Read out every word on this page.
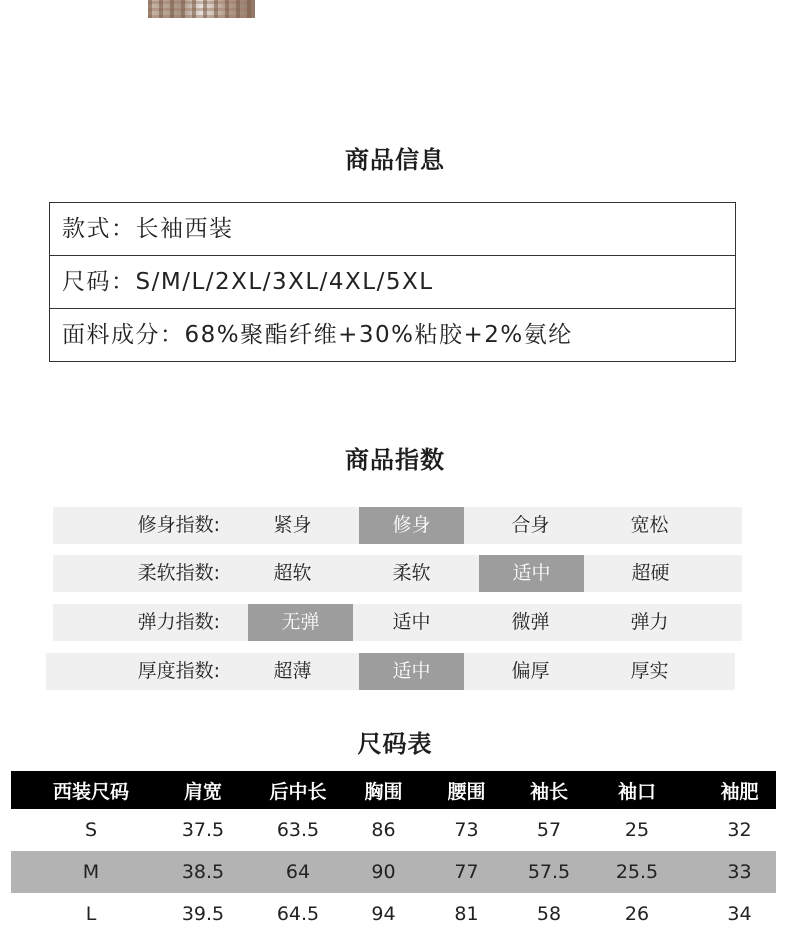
商品信息
款式：长袖西装
尺码：S/M/L/2XL/3XL/4XL/5XL
面料成分：68%聚酯纤维+30%粘胶+2%氨纶
商品指数
修身指数:	紧身	修身	合身	宽松
柔软指数:	超软	柔软	适中	超硬
弹力指数:	无弹	适中	微弹	弹力
厚度指数:	超薄	适中	偏厚	厚实
尺码表
西装尺码	肩宽	后中长	胸围	腰围	袖长	袖口	袖肥
S	37.5	63.5	86	73	57	25	32
M	38.5	64	90	77	57.5	25.5	33
L	39.5	64.5	94	81	58	26	34
